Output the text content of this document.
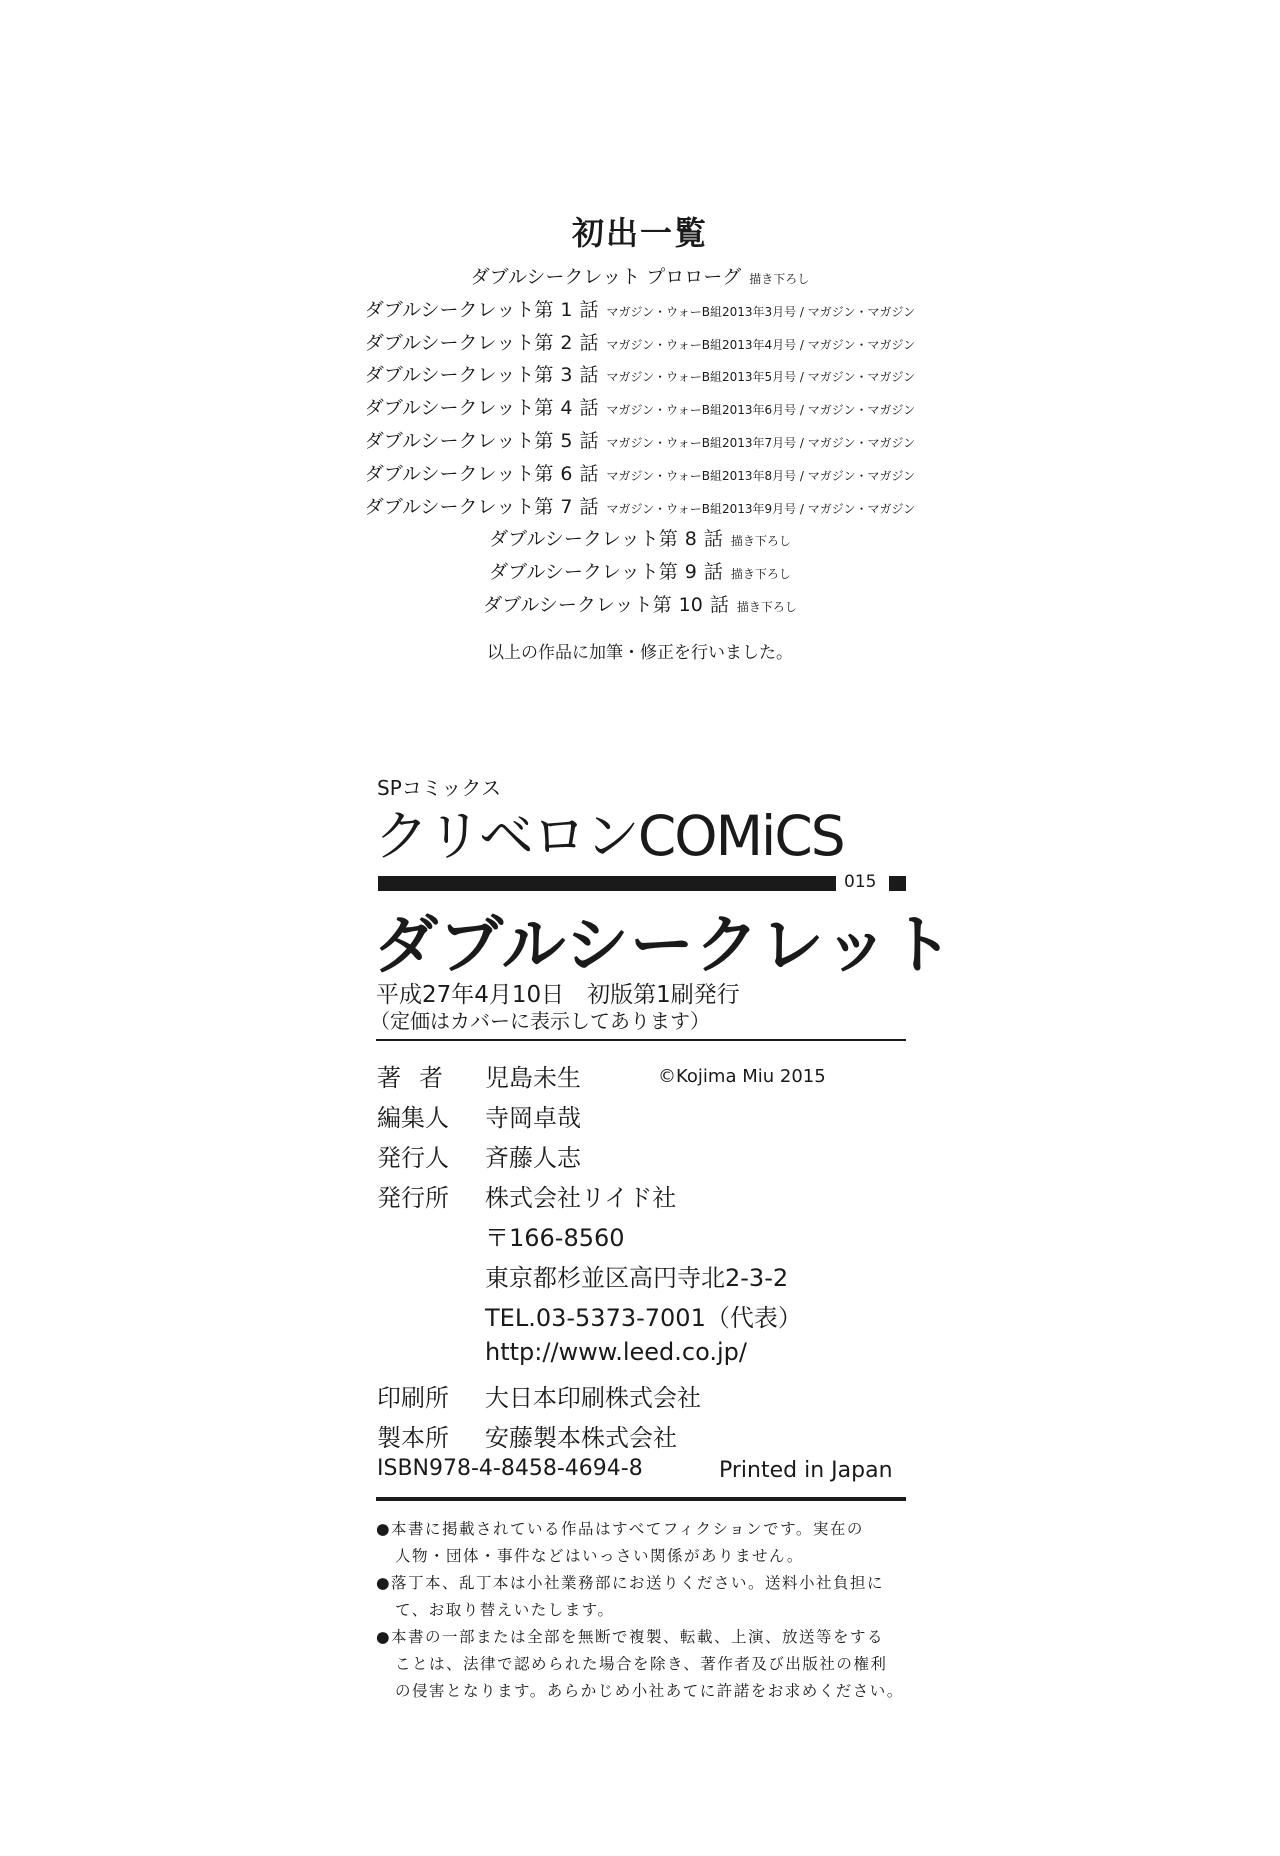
初出一覧
ダブルシークレット プロローグ 描き下ろし
ダブルシークレット第 1 話 マガジン・ウォーB組2013年3月号 / マガジン・マガジン
ダブルシークレット第 2 話 マガジン・ウォーB組2013年4月号 / マガジン・マガジン
ダブルシークレット第 3 話 マガジン・ウォーB組2013年5月号 / マガジン・マガジン
ダブルシークレット第 4 話 マガジン・ウォーB組2013年6月号 / マガジン・マガジン
ダブルシークレット第 5 話 マガジン・ウォーB組2013年7月号 / マガジン・マガジン
ダブルシークレット第 6 話 マガジン・ウォーB組2013年8月号 / マガジン・マガジン
ダブルシークレット第 7 話 マガジン・ウォーB組2013年9月号 / マガジン・マガジン
ダブルシークレット第 8 話 描き下ろし
ダブルシークレット第 9 話 描き下ろし
ダブルシークレット第 10 話 描き下ろし
以上の作品に加筆・修正を行いました。
SPコミックス
クリベロンCOMiCS
015
ダブルシークレット
平成27年4月10日　初版第1刷発行
（定価はカバーに表示してあります）
©Kojima Miu 2015
著者 児島未生
編集人	寺岡卓哉
発行人	斉藤人志
発行所	株式会社リイド社
〒166-8560
東京都杉並区高円寺北2-3-2
TEL.03-5373-7001（代表）
http://www.leed.co.jp/
印刷所	大日本印刷株式会社
製本所	安藤製本株式会社
ISBN978-4-8458-4694-8	Printed in Japan
●本書に掲載されている作品はすべてフィクションです。実在の
人物・団体・事件などはいっさい関係がありません。
●落丁本、乱丁本は小社業務部にお送りください。送料小社負担に
て、お取り替えいたします。
●本書の一部または全部を無断で複製、転載、上演、放送等をする
ことは、法律で認められた場合を除き、著作者及び出版社の権利
の侵害となります。あらかじめ小社あてに許諾をお求めください。
